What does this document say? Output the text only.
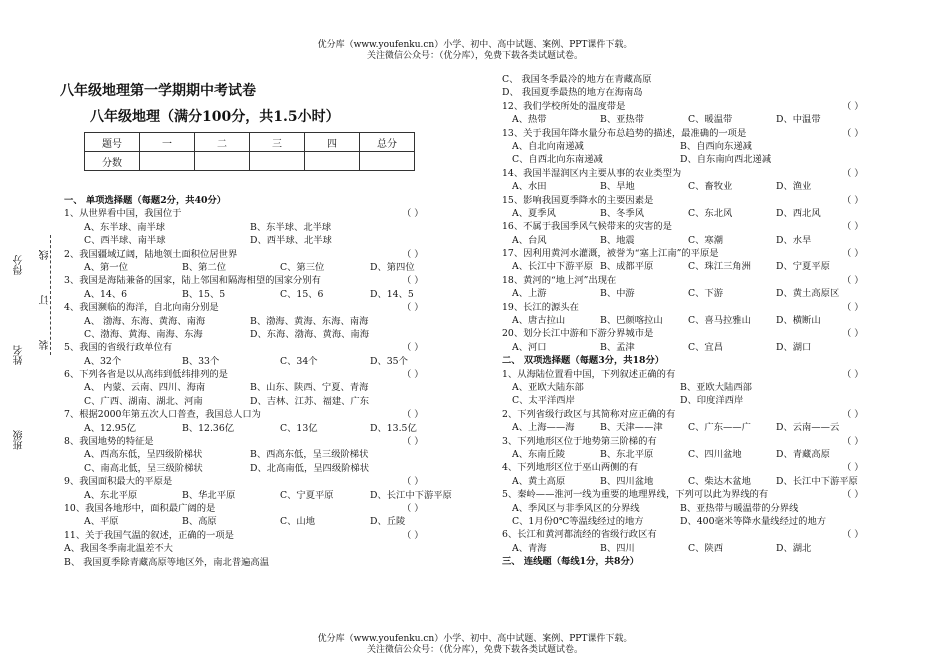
优分库（www.youfenku.cn）小学、初中、高中试题、案例、PPT课件下载。
关注微信公众号：（优分库），免费下载各类试题试卷。
优分库（www.youfenku.cn）小学、初中、高中试题、案例、PPT课件下载。
关注微信公众号：（优分库），免费下载各类试题试卷。
得分 线
订
装
姓名
班级
八年级地理第一学期期中考试卷
八年级地理（满分100分，共1.5小时）
题号	一	二	三	四	总分
分数					
一、 单项选择题（每题2分，共40分）
1、从世界看中国，我国位于	（ ）
A、东半球、南半球	B、东半球、北半球
C、西半球、南半球	D、西半球、北半球
2、我国疆域辽阔，陆地领土面积位居世界	（ ）
A、第一位	B、第二位	C、第三位	D、第四位
3、我国是海陆兼备的国家，陆上邻国和隔海相望的国家分别有	（ ）
A、14、6	B、15、5	C、15、6	D、14、5
4、我国濒临的海洋，自北向南分别是	（ ）
A、 渤海、东海、黄海、南海	B、渤海、黄海、东海、南海
C、渤海、黄海、南海、东海	D、东海、渤海、黄海、南海
5、我国的省级行政单位有	（ ）
A、32个	B、33个	C、34个	D、35个
6、下列各省是以从高纬到低纬排列的是	（ ）
A、 内蒙、云南、四川、海南	B、山东、陕西、宁夏、青海
C、广西、湖南、湖北、河南	D、吉林、江苏、福建、广东
7、根据2000年第五次人口普查，我国总人口为	（ ）
A、12.95亿	B、12.36亿	C、13亿	D、13.5亿
8、我国地势的特征是	（ ）
A、西高东低，呈四级阶梯状	B、西高东低，呈三级阶梯状
C、南高北低，呈三级阶梯状	D、北高南低，呈四级阶梯状
9、我国面积最大的平原是	（ ）
A、东北平原	B、华北平原	C、宁夏平原	D、长江中下游平原
10、我国各地形中，面积最广阔的是	（ ）
A、平原	B、高原	C、山地	D、丘陵
11、关于我国气温的叙述，正确的一项是	（ ）
A、我国冬季南北温差不大
B、 我国夏季除青藏高原等地区外，南北普遍高温
C、 我国冬季最冷的地方在青藏高原
D、 我国夏季最热的地方在海南岛
12、我们学校所处的温度带是	（ ）
A、热带	B、亚热带	C、暖温带	D、中温带
13、关于我国年降水量分布总趋势的描述，最准确的一项是	（ ）
A、自北向南递减	B、自西向东递减
C、自西北向东南递减	D、自东南向西北递减
14、我国半湿润区内主要从事的农业类型为	（ ）
A、水田	B、旱地	C、畜牧业	D、渔业
15、影响我国夏季降水的主要因素是	（ ）
A、夏季风	B、冬季风	C、东北风	D、西北风
16、不属于我国季风气候带来的灾害的是	（ ）
A、台风	B、地震	C、寒潮	D、水旱
17、因利用黄河水灌溉，被誉为“塞上江南”的平原是	（ ）
A、长江中下游平原 B、成都平原	C、珠江三角洲	D、宁夏平原
18、黄河的“地上河”出现在	（ ）
A、上游	B、中游	C、下游	D、黄土高原区
19、长江的源头在	（ ）
A、唐古拉山	B、巴颜喀拉山	C、喜马拉雅山	D、横断山
20、划分长江中游和下游分界城市是	（ ）
A、河口	B、孟津	C、宜昌	D、湖口
二、 双项选择题（每题3分，共18分）
1、从海陆位置看中国，下列叙述正确的有	（ ）
A、亚欧大陆东部	B、亚欧大陆西部
C、太平洋西岸	D、印度洋西岸
2、下列省级行政区与其简称对应正确的有	（ ）
A、上海——海	B、天津——津	C、广东——广	D、云南——云
3、下列地形区位于地势第三阶梯的有	（ ）
A、东南丘陵	B、东北平原	C、四川盆地	D、青藏高原
4、下列地形区位于巫山两侧的有	（ ）
A、黄土高原	B、四川盆地	C、柴达木盆地	D、长江中下游平原
5、秦岭——淮河一线为重要的地理界线，下列可以此为界线的有	（ ）
A、季风区与非季风区的分界线	B、亚热带与暖温带的分界线
C、1月份0℃等温线经过的地方	D、400毫米等降水量线经过的地方
6、长江和黄河都流经的省级行政区有	（ ）
A、青海	B、四川	C、陕西	D、湖北
三、 连线题（每线1分，共8分）
